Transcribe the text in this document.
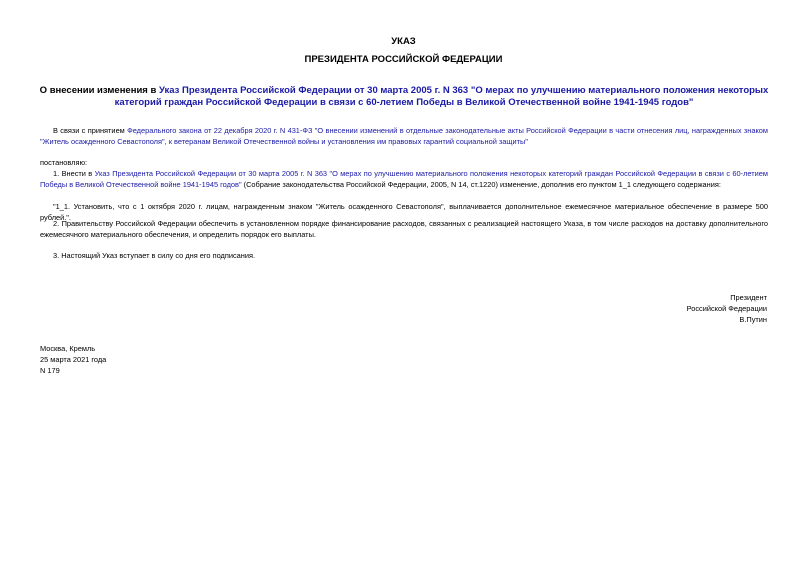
УКАЗ
ПРЕЗИДЕНТА РОССИЙСКОЙ ФЕДЕРАЦИИ
О внесении изменения в Указ Президента Российской Федерации от 30 марта 2005 г. N 363 "О мерах по улучшению материального положения некоторых категорий граждан Российской Федерации в связи с 60-летием Победы в Великой Отечественной войне 1941-1945 годов"

В связи с принятием Федерального закона от 22 декабря 2020 г. N 431-ФЗ "О внесении изменений в отдельные законодательные акты Российской Федерации в части отнесения лиц, награжденных знаком "Житель осажденного Севастополя", к ветеранам Великой Отечественной войны и установления им правовых гарантий социальной защиты"

постановляю:

1. Внести в Указ Президента Российской Федерации от 30 марта 2005 г. N 363 "О мерах по улучшению материального положения некоторых категорий граждан Российской Федерации в связи с 60-летием Победы в Великой Отечественной войне 1941-1945 годов" (Собрание законодательства Российской Федерации, 2005, N 14, ст.1220) изменение, дополнив его пунктом 1_1 следующего содержания:

"1_1. Установить, что с 1 октября 2020 г. лицам, награжденным знаком "Житель осажденного Севастополя", выплачивается дополнительное ежемесячное материальное обеспечение в размере 500 рублей.".

2. Правительству Российской Федерации обеспечить в установленном порядке финансирование расходов, связанных с реализацией настоящего Указа, в том числе расходов на доставку дополнительного ежемесячного материального обеспечения, и определить порядок его выплаты.

3. Настоящий Указ вступает в силу со дня его подписания.

Президент
Российской Федерации
В.Путин
Москва, Кремль
25 марта 2021 года
N 179
